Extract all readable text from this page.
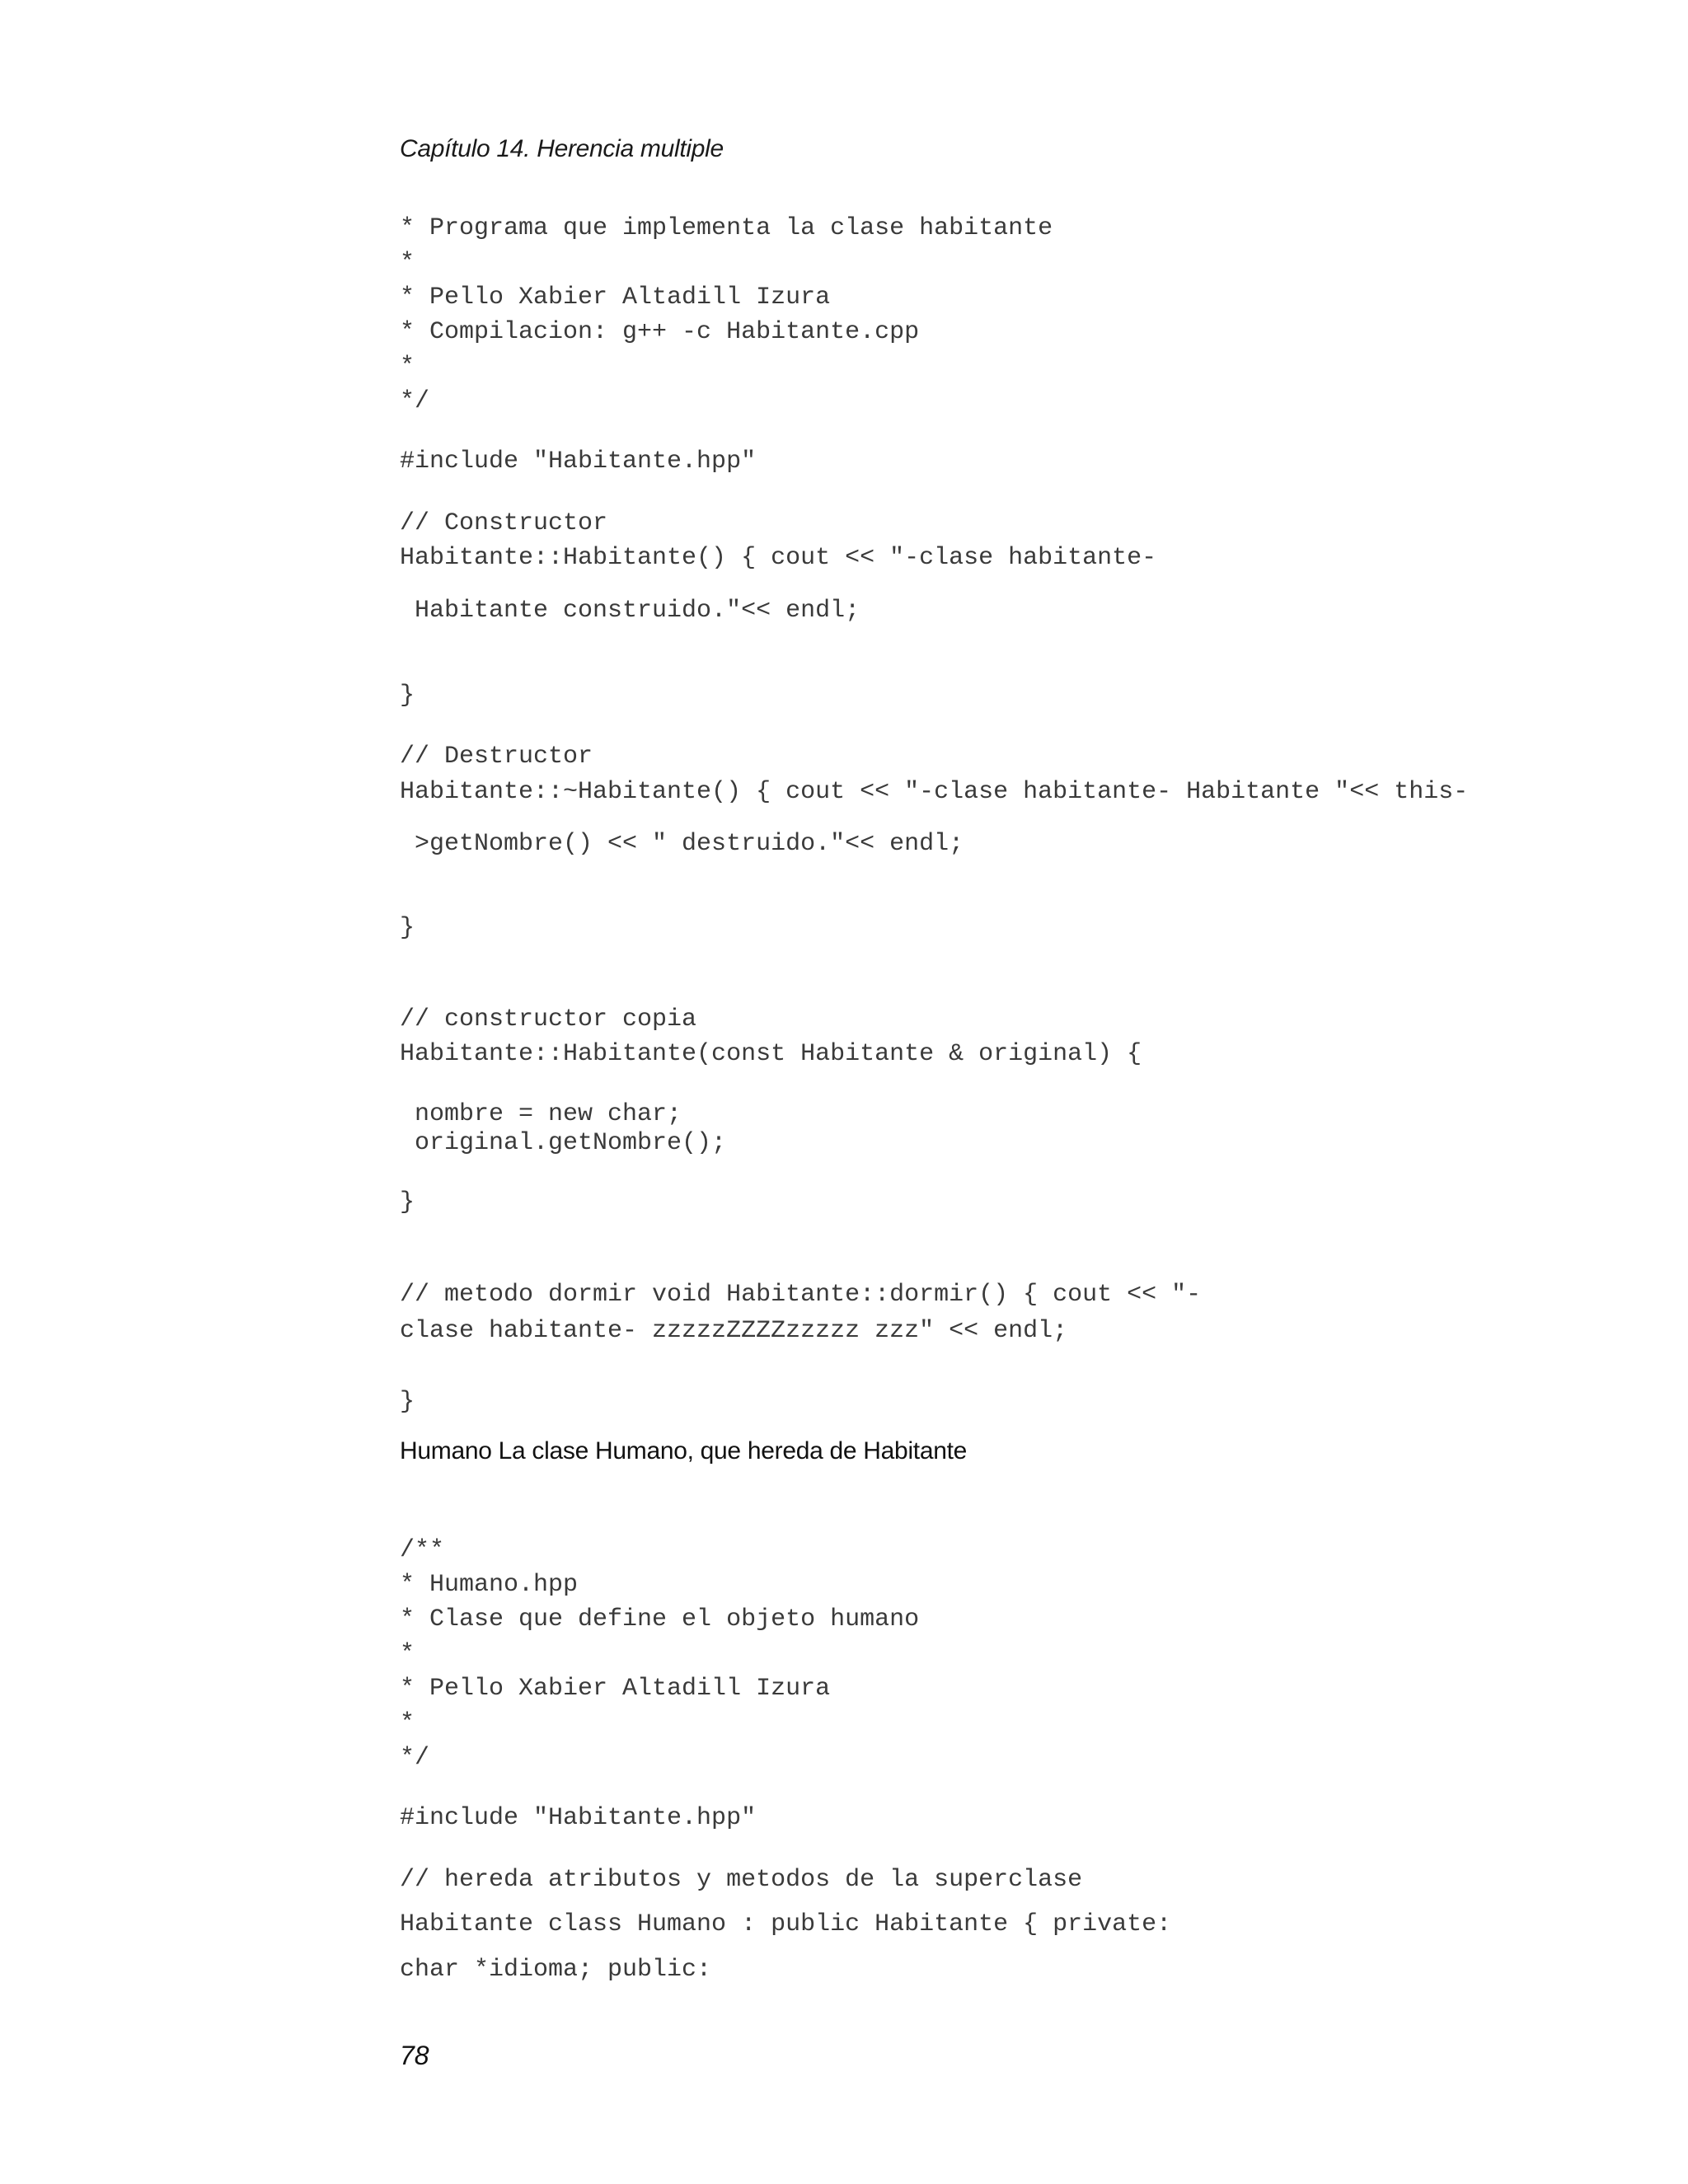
Capítulo 14. Herencia multiple
* Programa que implementa la clase habitante
*
* Pello Xabier Altadill Izura
* Compilacion: g++ -c Habitante.cpp
*
*/
#include "Habitante.hpp"
// Constructor
Habitante::Habitante() { cout << "-clase habitante-
Habitante construido."<< endl;
}
// Destructor
Habitante::~Habitante() { cout << "-clase habitante- Habitante "<< this-
>getNombre() << " destruido."<< endl;
}
// constructor copia
Habitante::Habitante(const Habitante & original) {
nombre = new char;
original.getNombre();
}
// metodo dormir void Habitante::dormir() { cout << "-
clase habitante- zzzzzZZZZzzzzz zzz" << endl;
}
Humano La clase Humano, que hereda de Habitante
/**
* Humano.hpp
* Clase que define el objeto humano
*
* Pello Xabier Altadill Izura
*
*/
#include "Habitante.hpp"
// hereda atributos y metodos de la superclase
Habitante class Humano : public Habitante { private:
char *idioma; public:
78
